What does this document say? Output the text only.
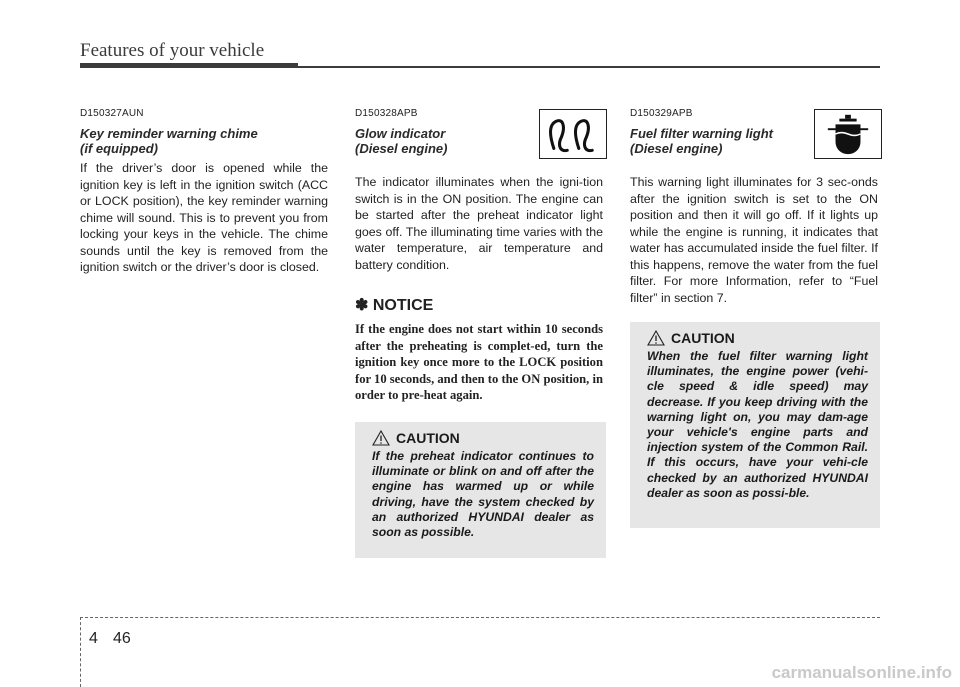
Features of your vehicle
D150327AUN
Key reminder warning chime
(if equipped)
If the driver’s door is opened while the ignition key is left in the ignition switch (ACC or LOCK position), the key reminder warning chime will sound. This is to prevent you from locking your keys in the vehicle. The chime sounds until the key is removed from the ignition switch or the driver’s door is closed.
D150328APB
Glow indicator
(Diesel engine)
The indicator illuminates when the igni-tion switch is in the ON position. The engine can be started after the preheat indicator light goes off. The illuminating time varies with the water temperature, air temperature and battery condition.
✽ NOTICE
If the engine does not start within 10 seconds after the preheating is complet-ed, turn the ignition key once more to the LOCK position for 10 seconds, and then to the ON position, in order to pre-heat again.
CAUTION
If the preheat indicator continues to illuminate or blink on and off after the engine has warmed up or while driving, have the system checked by an authorized HYUNDAI dealer as soon as possible.
D150329APB
Fuel filter warning light
(Diesel engine)
This warning light illuminates for 3 sec-onds after the ignition switch is set to the ON position and then it will go off. If it lights up while the engine is running, it indicates that water has accumulated inside the fuel filter. If this happens, remove the water from the fuel filter. For more Information, refer to “Fuel filter” in section 7.
CAUTION
When the fuel filter warning light illuminates, the engine power (vehi-cle speed & idle speed) may decrease. If you keep driving with the warning light on, you may dam-age your vehicle's engine parts and injection system of the Common Rail. If this occurs, have your vehi-cle checked by an authorized HYUNDAI dealer as soon as possi-ble.
4 46
carmanualsonline.info
